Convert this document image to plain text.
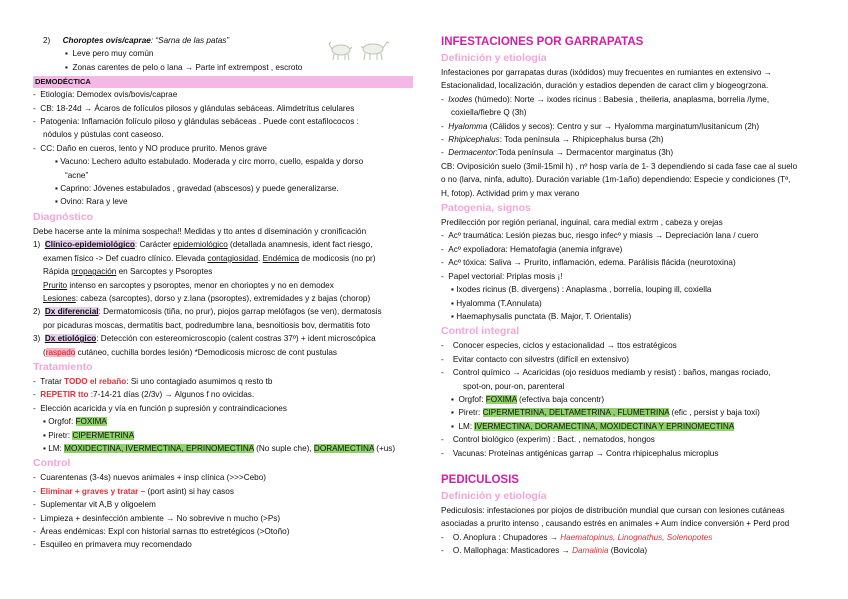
2) Choroptes ovis/caprae: “Sarna de las patas”
▪  Leve pero muy común
▪  Zonas carentes de pelo o lana → Parte inf extrempost , escroto
DEMODÉCTICA
-  Etiología: Demodex ovis/bovis/caprae
-  CB: 18-24d → Ácaros de folículos pilosos y glándulas sebáceas. Alimdetritus celulares
-  Patogenia: Inflamación folículo piloso y glándulas sebáceas . Puede cont estafilococos :
nódulos y pústulas cont caseoso.
-  CC: Daño en cueros, lento y NO produce prurito. Menos grave
▪ Vacuno: Lechero adulto estabulado. Moderada y circ morro, cuello, espalda y dorso
“acne”
▪ Caprino: Jóvenes estabulados , gravedad (abscesos) y puede generalizarse.
▪ Ovino: Rara y leve
Diagnóstico
Debe hacerse ante la mínima sospecha!! Medidas y tto antes d diseminación y cronificación
1)  Clínico-epidemiológico: Carácter epidemiológico (detallada anamnesis, ident fact riesgo,
examen físico -> Def cuadro clínico. Elevada contagiosidad. Endémica de modicosis (no pr)
Rápida propagación en Sarcoptes y Psoroptes
Prurito intenso en sarcoptes y psoroptes, menor en chorioptes y no en demodex
Lesiones: cabeza (sarcoptes), dorso y z.lana (psoroptes), extremidades y z bajas (chorop)
2)  Dx diferencial: Dermatomicosis (tiña, no prur), piojos garrap melófagos (se ven), dermatosis
por picaduras moscas, dermatitis bact, podredumbre lana, besnoitiosis bov, dermatitis foto
3)  Dx etiológico: Detección con estereomicroscopio (calent costras 37º) + ident microscópica
(raspado cutáneo, cuchilla bordes lesión) *Demodicosis microsc de cont pustulas
Tratamiento
-  Tratar TODO el rebaño: Si uno contagiado asumimos q resto tb
-  REPETIR tto :7-14-21 días (2/3v) → Algunos f no ovicidas.
-  Elección acaricida y vía en función p supresión y contraindicaciones
▪ Orgfof: FOXIMA
▪ Piretr: CIPERMETRINA
▪ LM: MOXIDECTINA, IVERMECTINA, EPRINOMECTINA (No suple che), DORAMECTINA (+us)
Control
-  Cuarentenas (3-4s) nuevos animales + insp clínica (>>>Cebo)
-  Eliminar + graves y tratar – (port asint) si hay casos
-  Suplementar vit A,B y oligoelem
-  Limpieza + desinfección ambiente → No sobrevive n mucho (>Ps)
-  Áreas endémicas: Expl con historial sarnas tto estretégicos (>Otoño)
-  Esquileo en primavera muy recomendado
INFESTACIONES POR GARRAPATAS
Definición y etiología
Infestaciones por garrapatas duras (ixódidos) muy frecuentes en rumiantes en extensivo →
Estacionalidad, localización, duración y estadios dependen de caract clim y biogeogrzona.
-  Ixodes (húmedo): Norte → ixodes ricinus : Babesia , theileria, anaplasma, borrelia /lyme,
coxiella/fiebre Q (3h)
-  Hyalomma (Cálidos y secos): Centro y sur → Hyalomma marginatum/lusitanicum (2h)
-  Rhipicephalus: Toda península → Rhipicephalus bursa (2h)
-  Dermacentor:Toda península → Dermacentor marginatus (3h)
CB: Oviposición suelo (3mil-15mil h) , nº hosp varía de 1- 3 dependiendo si cada fase cae al suelo
o no (larva, ninfa, adulto). Duración variable (1m-1año) dependiendo: Especie y condiciones (Tª,
H, fotop). Actividad prim y max verano
Patogenia, signos
Predilección por región perianal, inguinal, cara medial extrm , cabeza y orejas
-  Acº traumática: Lesión piezas buc, riesgo infecº y miasis → Depreciación lana / cuero
-  Acº expoliadora: Hematofagia (anemia infgrave)
-  Acº tóxica: Saliva → Prurito, inflamación, edema. Parálisis flácida (neurotoxina)
-  Papel vectorial: Priplas mosis ¡!
▪ Ixodes ricinus (B. divergens) : Anaplasma , borrelia, louping ill, coxiella
▪ Hyalomma (T.Annulata)
▪ Haemaphysalis punctata (B. Major, T. Orientalis)
Control integral
-    Conocer especies, ciclos y estacionalidad → ttos estratégicos
-    Evitar contacto con silvestrs (difícil en extensivo)
-    Control químico → Acaricidas (ojo residuos mediamb y resist) : baños, mangas rociado,
spot-on, pour-on, parenteral
▪  Orgfof: FOXIMA (efectiva baja concentr)
▪  Piretr: CIPERMETRINA, DELTAMETRINA , FLUMETRINA (efic , persist y baja toxi)
▪  LM: IVERMECTINA, DORAMECTINA, MOXIDECTINA Y EPRINOMECTINA
-    Control biológico (experim) : Bact. , nematodos, hongos
-    Vacunas: Proteínas antigénicas garrap → Contra rhipicephalus microplus
PEDICULOSIS
Definición y etiología
Pediculosis: infestaciones por piojos de distribución mundial que cursan con lesiones cutáneas
asociadas a prurito intenso , causando estrés en animales + Aum índice conversión + Perd prod
-    O. Anoplura : Chupadores → Haematopinus, Linognathus, Solenopotes
-    O. Mallophaga: Masticadores → Damalinia (Bovicola)
